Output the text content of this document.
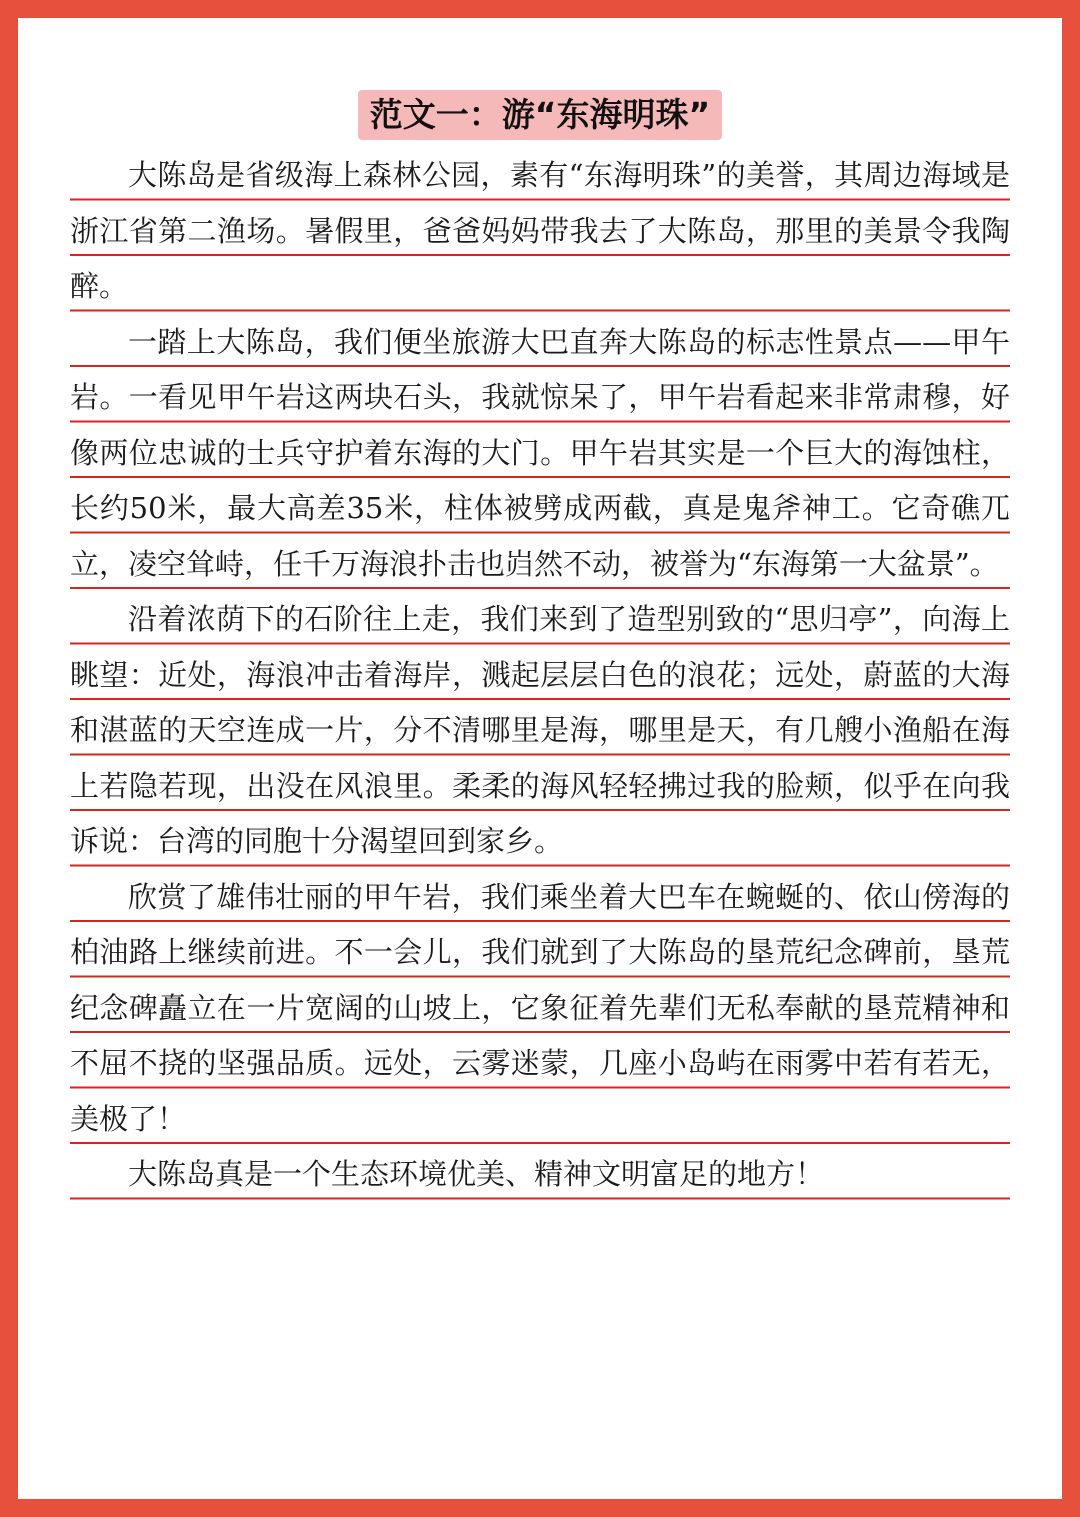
范文一：游“东海明珠”

大陈岛是省级海上森林公园，素有“东海明珠”的美誉，其周边海域是浙江省第二渔场。暑假里，爸爸妈妈带我去了大陈岛，那里的美景令我陶醉。

一踏上大陈岛，我们便坐旅游大巴直奔大陈岛的标志性景点——甲午岩。一看见甲午岩这两块石头，我就惊呆了，甲午岩看起来非常肃穆，好像两位忠诚的士兵守护着东海的大门。甲午岩其实是一个巨大的海蚀柱，长约50米，最大高差35米，柱体被劈成两截，真是鬼斧神工。它奇礁兀立，凌空耸峙，任千万海浪扑击也岿然不动，被誉为“东海第一大盆景”。

沿着浓荫下的石阶往上走，我们来到了造型别致的“思归亭”，向海上眺望：近处，海浪冲击着海岸，溅起层层白色的浪花；远处，蔚蓝的大海和湛蓝的天空连成一片，分不清哪里是海，哪里是天，有几艘小渔船在海上若隐若现，出没在风浪里。柔柔的海风轻轻拂过我的脸颊，似乎在向我诉说：台湾的同胞十分渴望回到家乡。

欣赏了雄伟壮丽的甲午岩，我们乘坐着大巴车在蜿蜒的、依山傍海的柏油路上继续前进。不一会儿，我们就到了大陈岛的垦荒纪念碑前，垦荒纪念碑矗立在一片宽阔的山坡上，它象征着先辈们无私奉献的垦荒精神和不屈不挠的坚强品质。远处，云雾迷蒙，几座小岛屿在雨雾中若有若无，美极了！

大陈岛真是一个生态环境优美、精神文明富足的地方！
